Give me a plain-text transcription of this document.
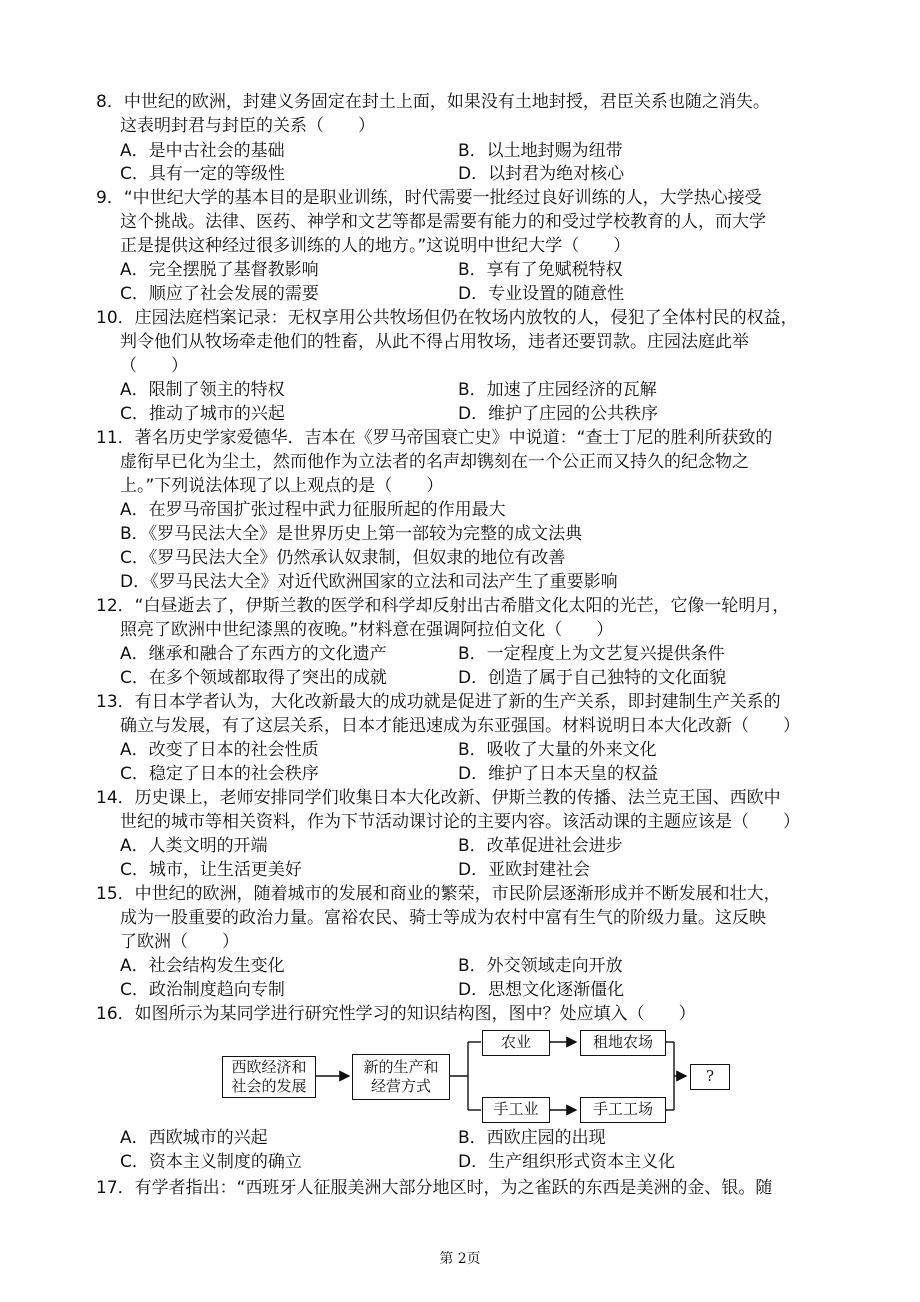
8．中世纪的欧洲，封建义务固定在封土上面，如果没有土地封授，君臣关系也随之消失。
这表明封君与封臣的关系（　　）
A．是中古社会的基础	B．以土地封赐为纽带
C．具有一定的等级性	D．以封君为绝对核心
9．“中世纪大学的基本目的是职业训练，时代需要一批经过良好训练的人，大学热心接受
这个挑战。法律、医药、神学和文艺等都是需要有能力的和受过学校教育的人，而大学
正是提供这种经过很多训练的人的地方。”这说明中世纪大学（　　）
A．完全摆脱了基督教影响	B．享有了免赋税特权
C．顺应了社会发展的需要	D．专业设置的随意性
10．庄园法庭档案记录：无权享用公共牧场但仍在牧场内放牧的人，侵犯了全体村民的权益，
判令他们从牧场牵走他们的牲畜，从此不得占用牧场，违者还要罚款。庄园法庭此举
（　　）
A．限制了领主的特权	B．加速了庄园经济的瓦解
C．推动了城市的兴起	D．维护了庄园的公共秩序
11．著名历史学家爱德华．吉本在《罗马帝国衰亡史》中说道：“查士丁尼的胜利所获致的
虚衔早已化为尘土，然而他作为立法者的名声却镌刻在一个公正而又持久的纪念物之
上。”下列说法体现了以上观点的是（　　）
A．在罗马帝国扩张过程中武力征服所起的作用最大
B．《罗马民法大全》是世界历史上第一部较为完整的成文法典
C．《罗马民法大全》仍然承认奴隶制，但奴隶的地位有改善
D．《罗马民法大全》对近代欧洲国家的立法和司法产生了重要影响
12．“白昼逝去了，伊斯兰教的医学和科学却反射出古希腊文化太阳的光芒，它像一轮明月，
照亮了欧洲中世纪漆黑的夜晚。”材料意在强调阿拉伯文化（　　）
A．继承和融合了东西方的文化遗产	B．一定程度上为文艺复兴提供条件
C．在多个领域都取得了突出的成就	D．创造了属于自己独特的文化面貌
13．有日本学者认为，大化改新最大的成功就是促进了新的生产关系，即封建制生产关系的
确立与发展，有了这层关系，日本才能迅速成为东亚强国。材料说明日本大化改新（　　）
A．改变了日本的社会性质	B．吸收了大量的外来文化
C．稳定了日本的社会秩序	D．维护了日本天皇的权益
14．历史课上，老师安排同学们收集日本大化改新、伊斯兰教的传播、法兰克王国、西欧中
世纪的城市等相关资料，作为下节活动课讨论的主要内容。该活动课的主题应该是（　　）
A．人类文明的开端	B．改革促进社会进步
C．城市，让生活更美好	D．亚欧封建社会
15．中世纪的欧洲，随着城市的发展和商业的繁荣，市民阶层逐渐形成并不断发展和壮大，
成为一股重要的政治力量。富裕农民、骑士等成为农村中富有生气的阶级力量。这反映
了欧洲（　　）
A．社会结构发生变化	B．外交领域走向开放
C．政治制度趋向专制	D．思想文化逐渐僵化
16．如图所示为某同学进行研究性学习的知识结构图，图中？处应填入（　　）
西欧经济和
社会的发展
新的生产和
经营方式
农业	租地农场
手工业	手工工场
?
A．西欧城市的兴起	B．西欧庄园的出现
C．资本主义制度的确立	D．生产组织形式资本主义化
17．有学者指出：“西班牙人征服美洲大部分地区时，为之雀跃的东西是美洲的金、银。随
第 2页
